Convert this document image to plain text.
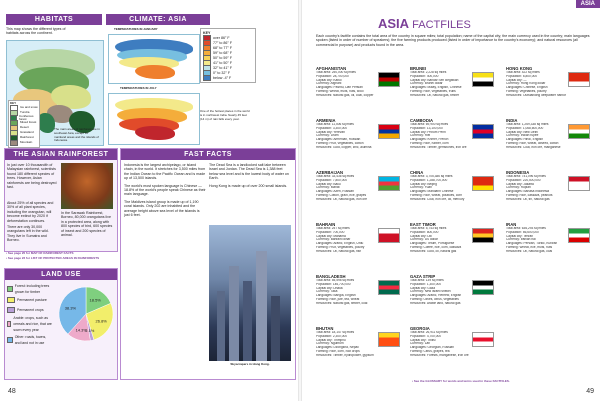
HABITATS
This map shows the different types of habitats across the continent.
KEY
Ice and snow
Tundra
Coniferous forest
Mixed forest
Desert
Grassland
Rainforest
Mountain
The main areas of rainforest are in southeast Asia, except for mainland areas and the islands of Indonesia.
CLIMATE: ASIA
TEMPERATURES IN JANUARY
TEMPERATURES IN JULY
KEY
over 86° F
77° to 86° F
68° to 77° F
59° to 68° F
50° to 59° F
41° to 50° F
32° to 41° F
0° to 32° F
below -4° F
One of the hottest places in the world is in northwest India. Nearly 45 feet (14 m) of rain falls every year.
THE ASIAN RAINFOREST
In just over 10 thousandth of Malaysian rainforest, scientists found 180 different species of trees. However, Asian rainforests are being destroyed fast.
About 25% of all species and 30% of all plant species, including the orangutan, will become extinct by 2020 if deforestation continues.
There are only 30,000 orangutans left in the wild. They live in Sumatra and Borneo.
In the Sarawak Rainforest, Borneo, 80,000 orangutans live in a protected area, along with 800 species of bird, 600 species of insect and 200 species of animal.
• See page 20 for MAP OF RAINFOREST FACTS
• See page 22 for LIST OF PROTECTED AREAS IN RAINFORESTS
LAND USE
Forest: including trees grown for timber
Permanent pasture
Permanent crops
Arable: crops, such as cereals and rice, that are sown every year
Other: roads, towns, and land not in use
18.5%
26.8%
2.1%
14.3%
38.3%
FAST FACTS

Indonesia is the largest archipelago, or island chain, in the world. It stretches for 3,500 miles from the Indian Ocean to the Pacific Ocean and is made up of 13,500 islands.

The world's most spoken language is Chinese — 18.8% of the world's people speak Chinese as their main language.

The Maldives island group is made up of 1,190 coral islands. Only 202 are inhabited and the average height above sea level of the islands is just 6 feet.

The Dead Sea is a landlocked salt lake between Israel and Jordan. The Dead Sea is 1,388 feet below sea level and is the lowest body of water on Earth.

Hong Kong is made up of over 200 small islands.

Skyscrapers in Hong Kong.
48
ASIA
ASIA FACTFILES
Each country's factfile contains the total area of the country in square miles; total population; name of the capital city; the main currency used in the country; main languages spoken (listed in order of number of speakers); the five farming products produced (listed in order of importance to the country's economy); and natural resources (all commercial in purpose) and products found in the area.
AFGHANISTAN
Total area: 250,000 sq miles
Population: 28,700,000
Capital city: Kabul
Currency: Afghani
Languages: Pashtu, Dari Persian
Farming: Wheat, fruits, nuts, wool
Resources: Natural gas, oil, coal, copper
ARMENIA
Total area: 11,506 sq miles
Population: 3,300,000
Capital city: Yerevan
Currency: Dram
Languages: Armenian, Russian
Farming: Fruit, vegetables, cotton
Resources: Gold, copper, zinc, alumina
AZERBAIJAN
Total area: 33,436 sq miles
Population: 7,800,000
Capital city: Baku
Currency: Manat
Languages: Azeri, Russian
Farming: Cotton, grain, rice, grapes
Resources: Oil, natural gas, iron ore
BAHRAIN
Total area: 257 sq miles
Population: 700,000
Capital city: Manama
Currency: Bahraini dinar
Languages: Arabic, English, Urdu
Farming: Fruit, vegetables, poultry
Resources: Oil, natural gas, fish
BANGLADESH
Total area: 55,598 sq miles
Population: 146,700,000
Capital city: Dhaka
Currency: Taka
Languages: Bangla, English
Farming: Rice, jute, tea, wheat
Resources: Natural gas, timber, coal
BHUTAN
Total area: 18,147 sq miles
Population: 2,300,000
Capital city: Thimphu
Currency: Ngultrum
Languages: Dzongkha, Nepali
Farming: Rice, corn, root crops
Resources: Timber, hydropower, gypsum
BRUNEI
Total area: 2,228 sq miles
Population: 400,000
Capital city: Bandar Seri Begawan
Currency: Brunei dollar
Languages: Malay, English, Chinese
Farming: Rice, vegetables, fruits
Resources: Oil, natural gas, timber
CAMBODIA
Total area: 69,900 sq miles
Population: 13,100,000
Capital city: Phnom Penh
Currency: Riel
Languages: Khmer, French
Farming: Rice, rubber, corn
Resources: Timber, gemstones, iron ore
CHINA
Total area: 3,705,386 sq miles
Population: 1,288,700,000
Capital city: Beijing
Currency: Yuan
Languages: Mandarin Chinese
Farming: Rice, wheat, potatoes, corn
Resources: Coal, iron ore, oil, mercury
EAST TIMOR
Total area: 5,743 sq miles
Population: 800,000
Capital city: Dili
Currency: US dollar
Languages: Tetum, Portuguese
Farming: Coffee, rice, corn, cassava
Resources: Gold, oil, natural gas
GAZA STRIP
Total area: 139 sq miles
Population: 1,300,000
Capital city: Gaza
Currency: New Israeli shekel
Languages: Arabic, Hebrew, English
Farming: Olives, citrus, vegetables
Resources: Arable land, natural gas
GEORGIA
Total area: 26,911 sq miles
Population: 4,700,000
Capital city: Tbilisi
Currency: Lari
Languages: Georgian, Russian
Farming: Citrus, grapes, tea
Resources: Forests, manganese, iron ore
HONG KONG
Total area: 422 sq miles
Population: 6,800,000
Capital city: —
Currency: Hong Kong dollar
Languages: Chinese, English
Farming: Vegetables, poultry
Resources: Outstanding deepwater harbor
INDIA
Total area: 1,269,338 sq miles
Population: 1,068,600,000
Capital city: New Delhi
Currency: Indian rupee
Languages: Hindi, English
Farming: Rice, wheat, oilseed, cotton
Resources: Coal, iron ore, manganese
INDONESIA
Total area: 741,096 sq miles
Population: 220,500,000
Capital city: Jakarta
Currency: Rupiah
Languages: Bahasa Indonesia
Farming: Rice, cassava, peanuts
Resources: Oil, tin, natural gas
IRAN
Total area: 636,293 sq miles
Population: 66,600,000
Capital city: Tehran
Currency: Iranian rial
Languages: Persian, Turkic, Kurdish
Farming: Wheat, rice, fruits, nuts
Resources: Oil, natural gas, coal
• See the GLOSSARY for words and terms used in these FACTFILES.
49
